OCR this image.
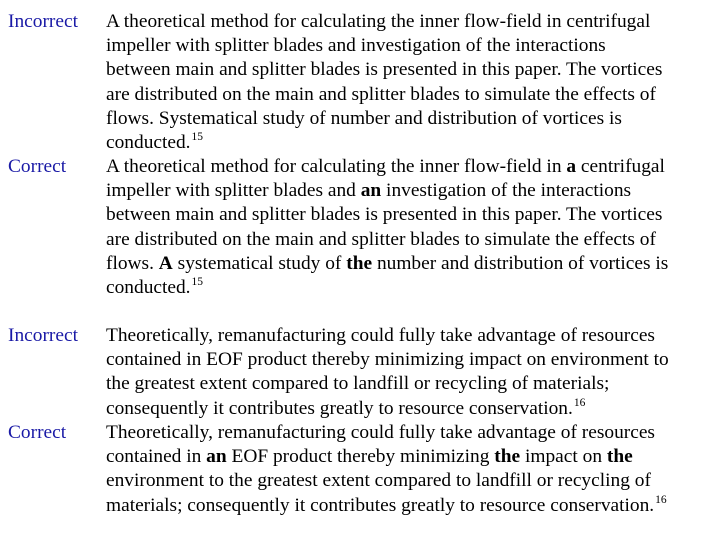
Incorrect A theoretical method for calculating the inner flow-field in centrifugal
impeller with splitter blades and investigation of the interactions
between main and splitter blades is presented in this paper. The vortices
are distributed on the main and splitter blades to simulate the effects of
flows. Systematical study of number and distribution of vortices is
conducted.$^{15}$
Correct A theoretical method for calculating the inner flow-field in a centrifugal
impeller with splitter blades and an investigation of the interactions
between main and splitter blades is presented in this paper. The vortices
are distributed on the main and splitter blades to simulate the effects of
flows. A systematical study of the number and distribution of vortices is
conducted.$^{15}$
Incorrect Theoretically, remanufacturing could fully take advantage of resources
contained in EOF product thereby minimizing impact on environment to
the greatest extent compared to landfill or recycling of materials;
consequently it contributes greatly to resource conservation.$^{16}$
Correct Theoretically, remanufacturing could fully take advantage of resources
contained in an EOF product thereby minimizing the impact on the
environment to the greatest extent compared to landfill or recycling of
materials; consequently it contributes greatly to resource conservation.$^{16}$
